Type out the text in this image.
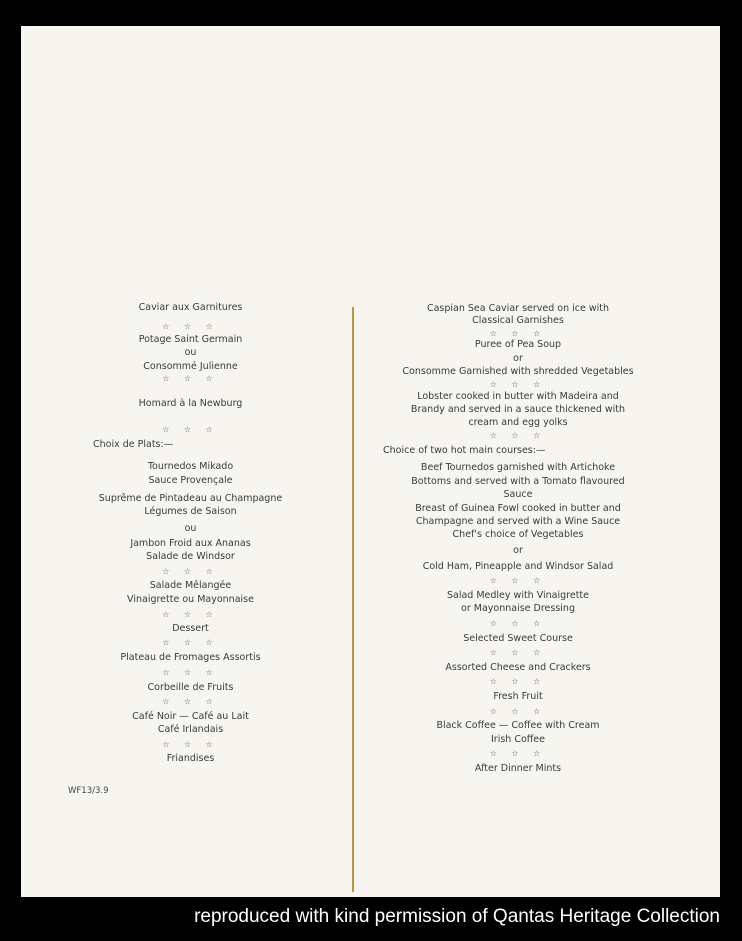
Caviar aux Garnitures
☆ ☆ ☆
Potage Saint Germain
ou
Consommé Julienne
☆ ☆ ☆
Homard à la Newburg
☆ ☆ ☆
Choix de Plats:—
Tournedos Mikado
Sauce Provençale
Suprême de Pintadeau au Champagne
Légumes de Saison
ou
Jambon Froid aux Ananas
Salade de Windsor
☆ ☆ ☆
Salade Mêlangée
Vinaigrette ou Mayonnaise
☆ ☆ ☆
Dessert
☆ ☆ ☆
Plateau de Fromages Assortis
☆ ☆ ☆
Corbeille de Fruits
☆ ☆ ☆
Café Noir — Café au Lait
Café Irlandais
☆ ☆ ☆
Friandises
Caspian Sea Caviar served on ice with
Classical Garnishes
☆ ☆ ☆
Puree of Pea Soup
or
Consomme Garnished with shredded Vegetables
☆ ☆ ☆
Lobster cooked in butter with Madeira and
Brandy and served in a sauce thickened with
cream and egg yolks
☆ ☆ ☆
Choice of two hot main courses:—
Beef Tournedos garnished with Artichoke
Bottoms and served with a Tomato flavoured
Sauce
Breast of Guinea Fowl cooked in butter and
Champagne and served with a Wine Sauce
Chef's choice of Vegetables
or
Cold Ham, Pineapple and Windsor Salad
☆ ☆ ☆
Salad Medley with Vinaigrette
or Mayonnaise Dressing
☆ ☆ ☆
Selected Sweet Course
☆ ☆ ☆
Assorted Cheese and Crackers
☆ ☆ ☆
Fresh Fruit
☆ ☆ ☆
Black Coffee — Coffee with Cream
Irish Coffee
☆ ☆ ☆
After Dinner Mints
WF13/3.9
reproduced with kind permission of Qantas Heritage Collection
